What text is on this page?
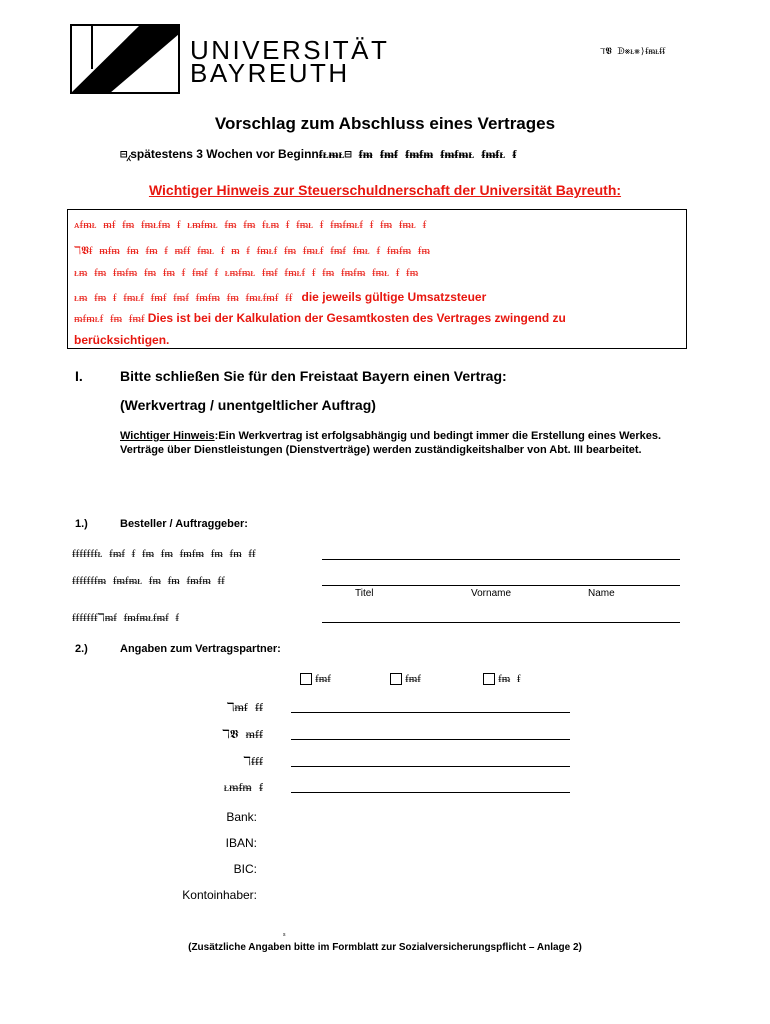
UNIVERSITÄT
BAYREUTH
ℸ𝖁 ᗫ⨳ᴌ⨳⟩ᵮᵯᴌᵮᵮ
Vorschlag zum Abschluss eines Vertrages
⊟⁁spätestens 3 Wochen vor Beginnᵮᴌᵯᴌ⊟ ᵮᵯ ᵮᵯᵮ ᵮᵯᵮᵯ ᵮᵯᵮᵯᴌ ᵮᵯᵮᴌ ᵮ
Wichtiger Hinweis zur Steuerschuldnerschaft der Universität Bayreuth:
ᴀᵮᵯᴌ ᵯᵮ ᵮᵯ ᵮᵯᴌᵮᵯ ᵮ ᴌᵯᵮᵯᴌ ᵮᵯ ᵮᵯ ᵮᴌᵯ ᵮ ᵮᵯᴌ ᵮ ᵮᵯᵮᵯᴌᵮ ᵮ ᵮᵯ ᵮᵯᴌ ᵮ
ℸ𝖁ᵮ ᵯᵮᵯ ᵮᵯ ᵮᵯ ᵮ ᵯᵮᵮ ᵮᵯᴌ ᵮ ᵯ ᵮ ᵮᵯᴌᵮ ᵮᵯ ᵮᵯᴌᵮ ᵮᵯᵮ ᵮᵯᴌ ᵮ ᵮᵯᵮᵯ ᵮᵯ
ᴌᵯ ᵮᵯ ᵮᵯᵮᵯ ᵮᵯ ᵮᵯ ᵮ ᵮᵯᵮ ᵮ ᴌᵯᵮᵯᴌ ᵮᵯᵮ ᵮᵯᴌᵮ ᵮ ᵮᵯ ᵮᵯᵮᵯ ᵮᵯᴌ ᵮ ᵮᵯ
ᴌᵯ ᵮᵯ ᵮ ᵮᵯᴌᵮ ᵮᵯᵮ ᵮᵯᵮ ᵮᵯᵮᵯ ᵮᵯ ᵮᵯᴌᵮᵯᵮ ᵮᵮ die jeweils gültige Umsatzsteuer
ᵯᵮᵯᴌᵮ ᵮᵯ ᵮᵯᵮ Dies ist bei der Kalkulation der Gesamtkosten des Vertrages zwingend zu
berücksichtigen.
I.	Bitte schließen Sie für den Freistaat Bayern einen Vertrag:
(Werkvertrag / unentgeltlicher Auftrag)
Wichtiger Hinweis:Ein Werkvertrag ist erfolgsabhängig und bedingt immer die Erstellung eines Werkes. Verträge über Dienstleistungen (Dienstverträge) werden zuständigkeitshalber von Abt. III bearbeitet.
1.)	Besteller / Auftraggeber:
ᵮᵮᵮᵮᵮᵮᵮᴌ ᵮᵯᵮ ᵮ ᵮᵯ ᵮᵯ ᵮᵯᵮᵯ ᵮᵯ ᵮᵯ ᵮᵮ
ᵮᵮᵮᵮᵮᵮᵮᵯ ᵮᵯᵮᵯᴌ ᵮᵯ ᵮᵯ ᵮᵯᵮᵯ ᵮᵮ
Titel	Vorname	Name
ᵮᵮᵮᵮᵮᵮᵮℸᵯᵮ ᵮᵯᵮᵯᴌᵮᵯᵮ ᵮ
2.)	Angaben zum Vertragspartner:
ᵮᵯᵮ	ᵮᵯᵮ	ᵮᵯ ᵮ
ℸᵯᵮ ᵮᵮ
ℸ𝖁 ᵯᵮᵮ
ℸᵮᵮᵮ
ᴌᵯᵮᵯ ᵮ
Bank:
IBAN:
BIC:
Kontoinhaber:
s
(Zusätzliche Angaben bitte im Formblatt zur Sozialversicherungspflicht – Anlage 2)
